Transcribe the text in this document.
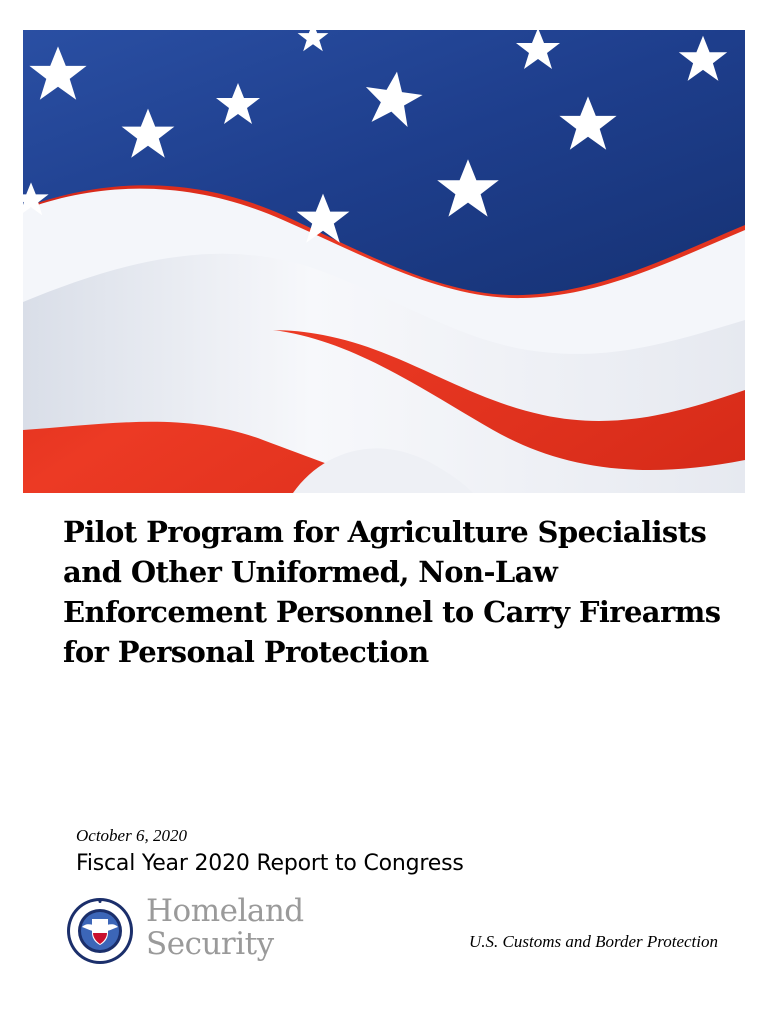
Pilot Program for Agriculture Specialists and Other Uniformed, Non-Law Enforcement Personnel to Carry Firearms for Personal Protection
October 6, 2020
Fiscal Year 2020 Report to Congress
Homeland
Security	U.S. Customs and Border Protection
